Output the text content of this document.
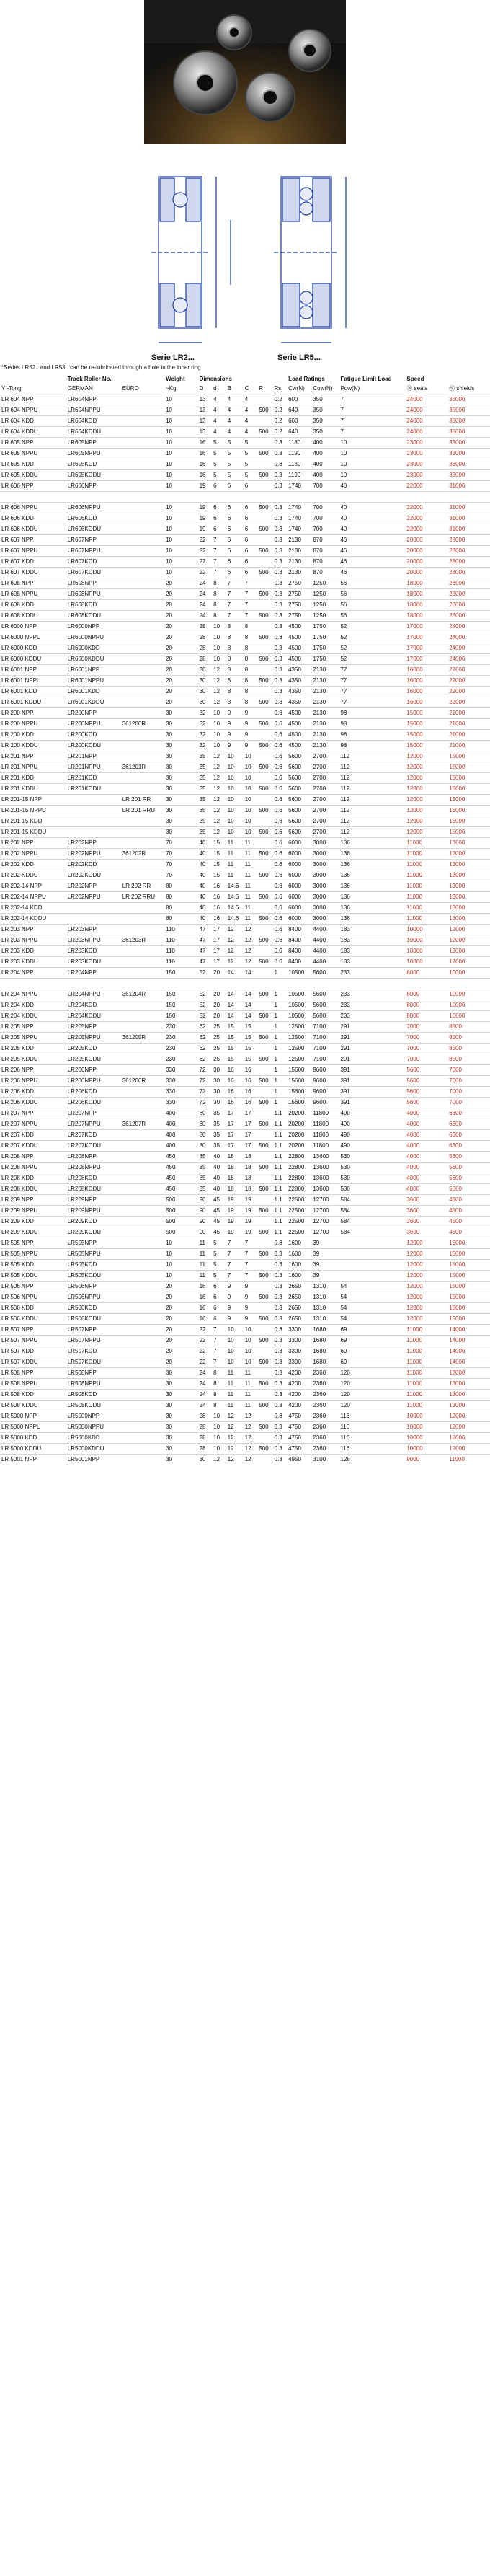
Serie LR2...	Serie LR5...
*Series LR52.. and LR53.. can be re-lubricated through a hole in the inner ring
	Track Roller No.		Weight	Dimensions						Load Ratings		Fatigue Limit Load	Speed	
YI-Tong	GERMAN	EURO	~Kg	D	d	B	C	R	Rs	Cw(N)	Cow(N)	Pow(N)	Ⓝ seals	Ⓝ shields
LR 604 NPP	LR604NPP		10	13	4	4	4		0.2	600	350	7	24000	35000
LR 604 NPPU	LR604NPPU		10	13	4	4	4	500	0.2	640	350	7	24000	35000
LR 604 KDD	LR604KDD		10	13	4	4	4		0.2	600	350	7	24000	35000
LR 604 KDDU	LR604KDDU		10	13	4	4	4	500	0.2	640	350	7	24000	35000
LR 605 NPP	LR605NPP		10	16	5	5	5		0.3	1180	400	10	23000	33000
LR 605 NPPU	LR605NPPU		10	16	5	5	5	500	0.3	1190	400	10	23000	33000
LR 605 KDD	LR605KDD		10	16	5	5	5		0.3	1180	400	10	23000	33000
LR 605 KDDU	LR605KDDU		10	16	5	5	5	500	0.3	1190	400	10	23000	33000
LR 606 NPP	LR606NPP		10	19	6	6	6		0.3	1740	700	40	22000	31000

LR 606 NPPU	LR606NPPU		10	19	6	6	6	500	0.3	1740	700	40	22000	31000
LR 606 KDD	LR606KDD		10	19	6	6	6		0.3	1740	700	40	22000	31000
LR 606 KDDU	LR606KDDU		10	19	6	6	6	500	0.3	1740	700	40	22000	31000
LR 607 NPP	LR607NPP		10	22	7	6	6		0.3	2130	870	46	20000	28000
LR 607 NPPU	LR607NPPU		10	22	7	6	6	500	0.3	2130	870	46	20000	28000
LR 607 KDD	LR607KDD		10	22	7	6	6		0.3	2130	870	46	20000	28000
LR 607 KDDU	LR607KDDU		10	22	7	6	6	500	0.3	2130	870	46	20000	28000
LR 608 NPP	LR608NPP		20	24	8	7	7		0.3	2750	1250	56	18000	26000
LR 608 NPPU	LR608NPPU		20	24	8	7	7	500	0.3	2750	1250	56	18000	26000
LR 608 KDD	LR608KDD		20	24	8	7	7		0.3	2750	1250	56	18000	26000
LR 608 KDDU	LR608KDDU		20	24	8	7	7	500	0.3	2750	1250	56	18000	26000
LR 6000 NPP	LR6000NPP		20	28	10	8	8		0.3	4500	1750	52	17000	24000
LR 6000 NPPU	LR6000NPPU		20	28	10	8	8	500	0.3	4500	1750	52	17000	24000
LR 6000 KDD	LR6000KDD		20	28	10	8	8		0.3	4500	1750	52	17000	24000
LR 6000 KDDU	LR6000KDDU		20	28	10	8	8	500	0.3	4500	1750	52	17000	24000
LR 6001 NPP	LR6001NPP		20	30	12	8	8		0.3	4350	2130	77	16000	22000
LR 6001 NPPU	LR6001NPPU		20	30	12	8	8	500	0.3	4350	2130	77	16000	22000
LR 6001 KDD	LR6001KDD		20	30	12	8	8		0.3	4350	2130	77	16000	22000
LR 6001 KDDU	LR6001KDDU		20	30	12	8	8	500	0.3	4350	2130	77	16000	22000
LR 200 NPP	LR200NPP		30	32	10	9	9		0.6	4500	2130	98	15000	21000
LR 200 NPPU	LR200NPPU	361200R	30	32	10	9	9	500	0.6	4500	2130	98	15000	21000
LR 200 KDD	LR200KDD		30	32	10	9	9		0.6	4500	2130	98	15000	21000
LR 200 KDDU	LR200KDDU		30	32	10	9	9	500	0.6	4500	2130	98	15000	21000
LR 201 NPP	LR201NPP		30	35	12	10	10		0.6	5600	2700	112	12000	15000
LR 201 NPPU	LR201NPPU	361201R	30	35	12	10	10	500	0.6	5600	2700	112	12000	15000
LR 201 KDD	LR201KDD		30	35	12	10	10		0.6	5600	2700	112	12000	15000
LR 201 KDDU	LR201KDDU		30	35	12	10	10	500	0.6	5600	2700	112	12000	15000
LR 201-15 NPP		LR 201 RR	30	35	12	10	10		0.6	5600	2700	112	12000	15000
LR 201-15 NPPU		LR 201 RRU	30	35	12	10	10	500	0.6	5600	2700	112	12000	15000
LR 201-15 KDD			30	35	12	10	10		0.6	5600	2700	112	12000	15000
LR 201-15 KDDU			30	35	12	10	10	500	0.6	5600	2700	112	12000	15000
LR 202 NPP	LR202NPP		70	40	15	11	11		0.6	6000	3000	136	11000	13000
LR 202 NPPU	LR202NPPU	361202R	70	40	15	11	11	500	0.6	6000	3000	136	11000	13000
LR 202 KDD	LR202KDD		70	40	15	11	11		0.6	6000	3000	136	11000	13000
LR 202 KDDU	LR202KDDU		70	40	15	11	11	500	0.6	6000	3000	136	11000	13000
LR 202-14 NPP	LR202NPP	LR 202 RR	80	40	16	14.6	11		0.6	6000	3000	136	11000	13000
LR 202-14 NPPU	LR202NPPU	LR 202 RRU	80	40	16	14.6	11	500	0.6	6000	3000	136	11000	13000
LR 202-14 KDD			80	40	16	14.6	11		0.6	6000	3000	136	11000	13000
LR 202-14 KDDU			80	40	16	14.6	11	500	0.6	6000	3000	136	11000	13000
LR 203 NPP	LR203NPP		110	47	17	12	12		0.6	8400	4400	183	10000	12000
LR 203 NPPU	LR203NPPU	361203R	110	47	17	12	12	500	0.6	8400	4400	183	10000	12000
LR 203 KDD	LR203KDD		110	47	17	12	12		0.6	8400	4400	183	10000	12000
LR 203 KDDU	LR203KDDU		110	47	17	12	12	500	0.6	8400	4400	183	10000	12000
LR 204 NPP	LR204NPP		150	52	20	14	14		1	10500	5600	233	8000	10000

LR 204 NPPU	LR204NPPU	361204R	150	52	20	14	14	500	1	10500	5600	233	8000	10000
LR 204 KDD	LR204KDD		150	52	20	14	14		1	10500	5600	233	8000	10000
LR 204 KDDU	LR204KDDU		150	52	20	14	14	500	1	10500	5600	233	8000	10000
LR 205 NPP	LR205NPP		230	62	25	15	15		1	12500	7100	291	7000	8500
LR 205 NPPU	LR205NPPU	361205R	230	62	25	15	15	500	1	12500	7100	291	7000	8500
LR 205 KDD	LR205KDD		230	62	25	15	15		1	12500	7100	291	7000	8500
LR 205 KDDU	LR205KDDU		230	62	25	15	15	500	1	12500	7100	291	7000	8500
LR 206 NPP	LR206NPP		330	72	30	16	16		1	15600	9600	391	5600	7000
LR 206 NPPU	LR206NPPU	361206R	330	72	30	16	16	500	1	15600	9600	391	5600	7000
LR 206 KDD	LR206KDD		330	72	30	16	16		1	15600	9600	391	5600	7000
LR 206 KDDU	LR206KDDU		330	72	30	16	16	500	1	15600	9600	391	5600	7000
LR 207 NPP	LR207NPP		400	80	35	17	17		1.1	20200	11800	490	4000	6300
LR 207 NPPU	LR207NPPU	361207R	400	80	35	17	17	500	1.1	20200	11800	490	4000	6300
LR 207 KDD	LR207KDD		400	80	35	17	17		1.1	20200	11800	490	4000	6300
LR 207 KDDU	LR207KDDU		400	80	35	17	17	500	1.1	20200	11800	490	4000	6300
LR 208 NPP	LR208NPP		450	85	40	18	18		1.1	22800	13600	530	4000	5600
LR 208 NPPU	LR208NPPU		450	85	40	18	18	500	1.1	22800	13600	530	4000	5600
LR 208 KDD	LR208KDD		450	85	40	18	18		1.1	22800	13600	530	4000	5600
LR 208 KDDU	LR208KDDU		450	85	40	18	18	500	1.1	22800	13600	530	4000	5600
LR 209 NPP	LR209NPP		500	90	45	19	19		1.1	22500	12700	584	3600	4500
LR 209 NPPU	LR209NPPU		500	90	45	19	19	500	1.1	22500	12700	584	3600	4500
LR 209 KDD	LR209KDD		500	90	45	19	19		1.1	22500	12700	584	3600	4500
LR 209 KDDU	LR209KDDU		500	90	45	19	19	500	1.1	22500	12700	584	3600	4500
LR 505 NPP	LR505NPP		10	11	5	7	7		0.3	1600	39		12000	15000
LR 505 NPPU	LR505NPPU		10	11	5	7	7	500	0.3	1600	39		12000	15000
LR 505 KDD	LR505KDD		10	11	5	7	7		0.3	1600	39		12000	15000
LR 505 KDDU	LR505KDDU		10	11	5	7	7	500	0.3	1600	39		12000	15000
LR 506 NPP	LR506NPP		20	16	6	9	9		0.3	2650	1310	54	12000	15000
LR 506 NPPU	LR506NPPU		20	16	6	9	9	500	0.3	2650	1310	54	12000	15000
LR 506 KDD	LR506KDD		20	16	6	9	9		0.3	2650	1310	54	12000	15000
LR 506 KDDU	LR506KDDU		20	16	6	9	9	500	0.3	2650	1310	54	12000	15000
LR 507 NPP	LR507NPP		20	22	7	10	10		0.3	3300	1680	69	11000	14000
LR 507 NPPU	LR507NPPU		20	22	7	10	10	500	0.3	3300	1680	69	11000	14000
LR 507 KDD	LR507KDD		20	22	7	10	10		0.3	3300	1680	69	11000	14000
LR 507 KDDU	LR507KDDU		20	22	7	10	10	500	0.3	3300	1680	69	11000	14000
LR 508 NPP	LR508NPP		30	24	8	11	11		0.3	4200	2360	120	11000	13000
LR 508 NPPU	LR508NPPU		30	24	8	11	11	500	0.3	4200	2360	120	11000	13000
LR 508 KDD	LR508KDD		30	24	8	11	11		0.3	4200	2360	120	11000	13000
LR 508 KDDU	LR508KDDU		30	24	8	11	11	500	0.3	4200	2360	120	11000	13000
LR 5000 NPP	LR5000NPP		30	28	10	12	12		0.3	4750	2360	116	10000	12000
LR 5000 NPPU	LR5000NPPU		30	28	10	12	12	500	0.3	4750	2360	116	10000	12000
LR 5000 KDD	LR5000KDD		30	28	10	12	12		0.3	4750	2360	116	10000	12000
LR 5000 KDDU	LR5000KDDU		30	28	10	12	12	500	0.3	4750	2360	116	10000	12000
LR 5001 NPP	LR5001NPP		30	30	12	12	12		0.3	4950	3100	128	9000	11000
